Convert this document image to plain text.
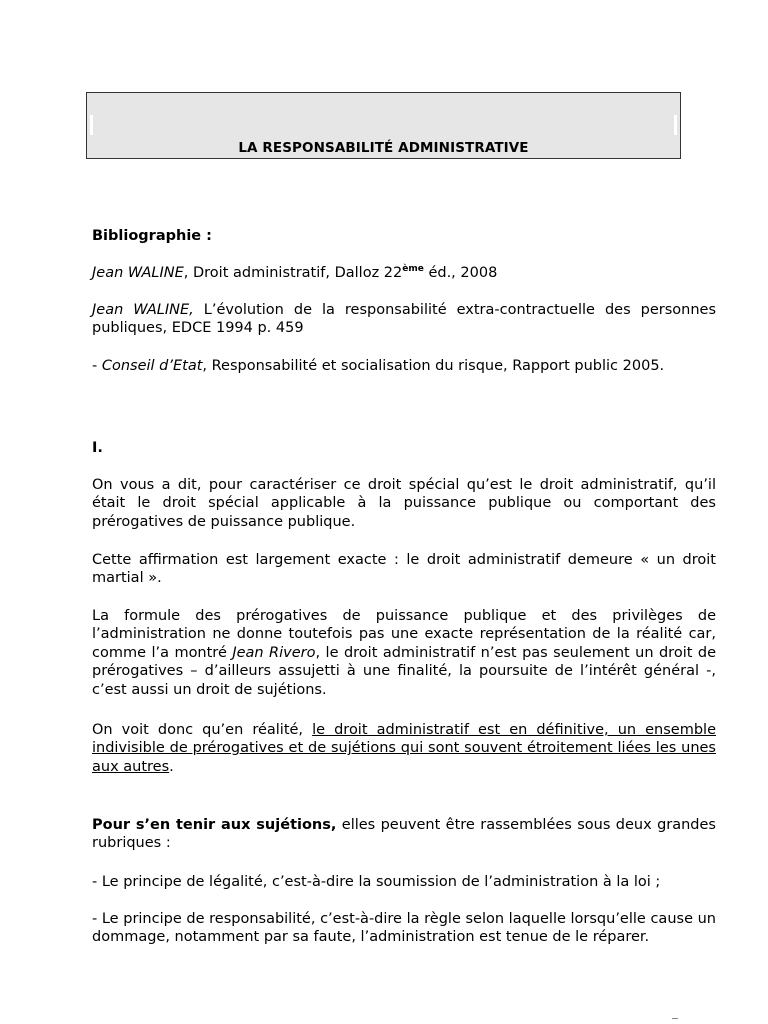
LA RESPONSABILITÉ ADMINISTRATIVE
Bibliographie :
Jean WALINE, Droit administratif, Dalloz 22ème éd., 2008
Jean WALINE, L’évolution de la responsabilité extra-contractuelle des personnes publiques, EDCE 1994 p. 459
- Conseil d’Etat, Responsabilité et socialisation du risque, Rapport public 2005.
I.
On vous a dit, pour caractériser ce droit spécial qu’est le droit administratif, qu’il était le droit spécial applicable à la puissance publique ou comportant des prérogatives de puissance publique.
Cette affirmation est largement exacte : le droit administratif demeure « un droit martial ».
La formule des prérogatives de puissance publique et des privilèges de l’administration ne donne toutefois pas une exacte représentation de la réalité car, comme l’a montré Jean Rivero, le droit administratif n’est pas seulement un droit de prérogatives – d’ailleurs assujetti à une finalité, la poursuite de l’intérêt général -, c’est aussi un droit de sujétions.
On voit donc qu’en réalité, le droit administratif est en définitive, un ensemble indivisible de prérogatives et de sujétions qui sont souvent étroitement liées les unes aux autres.
Pour s’en tenir aux sujétions, elles peuvent être rassemblées sous deux grandes rubriques :
- Le principe de légalité, c’est-à-dire la soumission de l’administration à la loi ;
- Le principe de responsabilité, c’est-à-dire la règle selon laquelle lorsqu’elle cause un dommage, notamment par sa faute, l’administration est tenue de le réparer.
